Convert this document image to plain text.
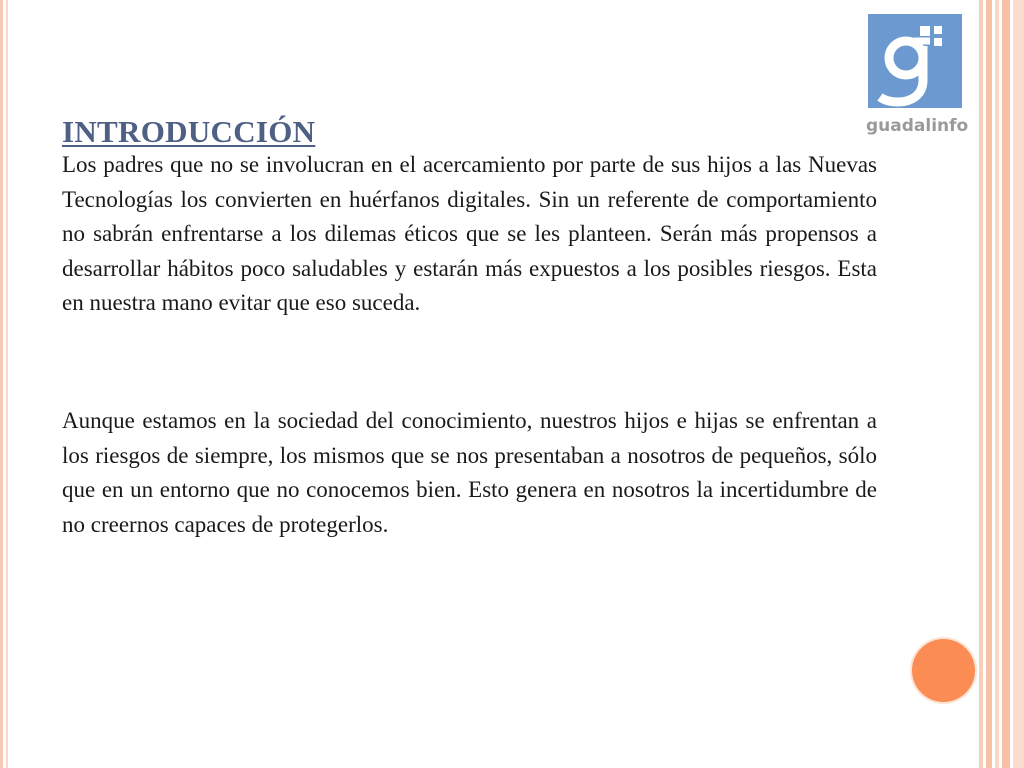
guadalinfo
INTRODUCCIÓN

Los padres que no se involucran en el acercamiento por parte de sus hijos a las Nuevas Tecnologías los convierten en huérfanos digitales. Sin un referente de comportamiento no sabrán enfrentarse a los dilemas éticos que se les planteen. Serán más propensos a desarrollar hábitos poco saludables y estarán más expuestos a los posibles riesgos. Esta en nuestra mano evitar que eso suceda.

Aunque estamos en la sociedad del conocimiento, nuestros hijos e hijas se enfrentan a los riesgos de siempre, los mismos que se nos presentaban a nosotros de pequeños, sólo que en un entorno que no conocemos bien. Esto genera en nosotros la incertidumbre de no creernos capaces de protegerlos.
